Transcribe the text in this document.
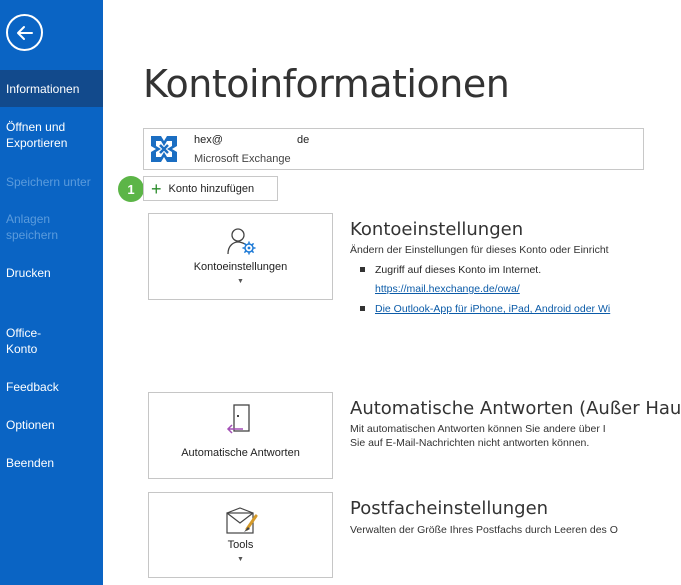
Informationen
Öffnen und Exportieren
Speichern unter
Anlagen speichern
Drucken
Office-Konto
Feedback
Optionen
Beenden
Kontoinformationen
hex@	de
Microsoft Exchange
1 + Konto hinzufügen
Kontoeinstellungen
▼
Kontoeinstellungen
Ändern der Einstellungen für dieses Konto oder Einricht
Zugriff auf dieses Konto im Internet.
https://mail.hexchange.de/owa/
Die Outlook-App für iPhone, iPad, Android oder Wi
Automatische Antworten
Automatische Antworten (Außer Hau
Mit automatischen Antworten können Sie andere über I
Sie auf E-Mail-Nachrichten nicht antworten können.
Tools
▼
Postfacheinstellungen
Verwalten der Größe Ihres Postfachs durch Leeren des O
